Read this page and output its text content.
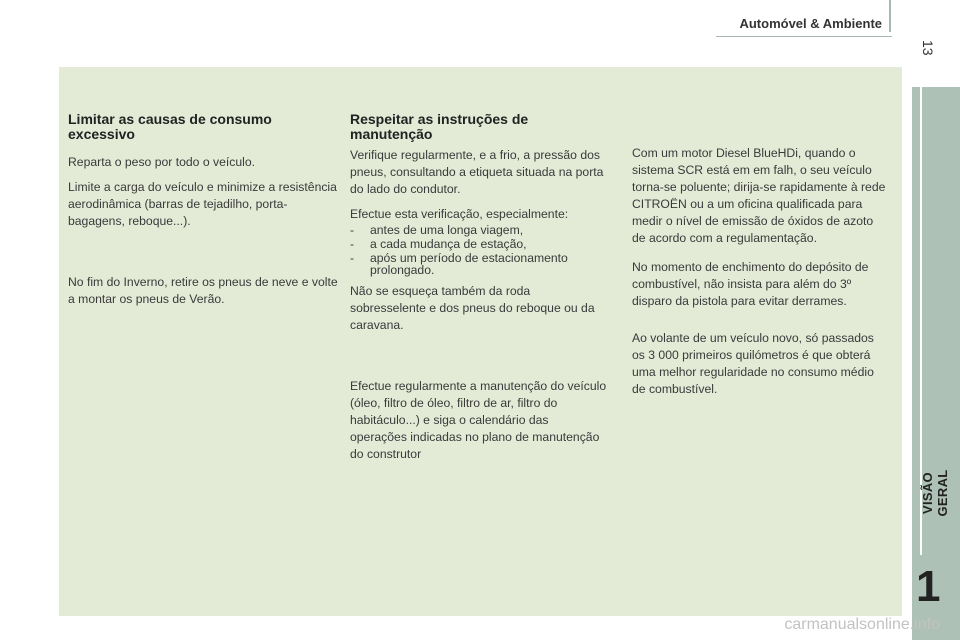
Automóvel & Ambiente
13
VISÃO GERAL
1
Limitar as causas de consumo excessivo

Reparta o peso por todo o veículo.

Limite a carga do veículo e minimize a resistência aerodinâmica (barras de tejadilho, porta-bagagens, reboque...).

No fim do Inverno, retire os pneus de neve e volte a montar os pneus de Verão.

Respeitar as instruções de manutenção

Verifique regularmente, e a frio, a pressão dos pneus, consultando a etiqueta situada na porta do lado do condutor.

Efectue esta verificação, especialmente:

- antes de uma longa viagem,
- a cada mudança de estação,
- após um período de estacionamento prolongado.

Não se esqueça também da roda sobresselente e dos pneus do reboque ou da caravana.

Efectue regularmente a manutenção do veículo (óleo, filtro de óleo, filtro de ar, filtro do habitáculo...) e siga o calendário das operações indicadas no plano de manutenção do construtor

Com um motor Diesel BlueHDi, quando o sistema SCR está em em falh, o seu veículo torna-se poluente; dirija-se rapidamente à rede CITROËN ou a um oficina qualificada para medir o nível de emissão de óxidos de azoto de acordo com a regulamentação.

No momento de enchimento do depósito de combustível, não insista para além do 3º disparo da pistola para evitar derrames.

Ao volante de um veículo novo, só passados os 3 000 primeiros quilómetros é que obterá uma melhor regularidade no consumo médio de combustível.

carmanualsonline.info
